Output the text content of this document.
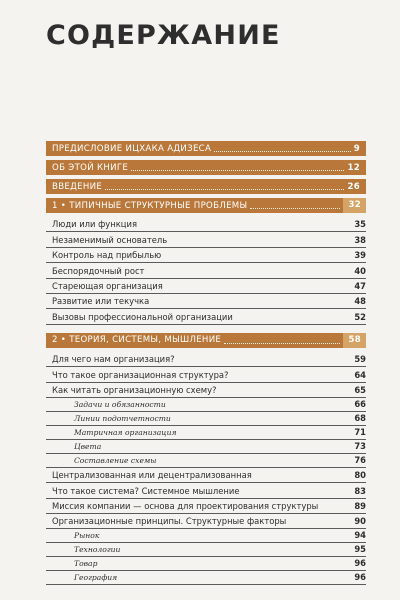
СОДЕРЖАНИЕ
ПРЕДИСЛОВИЕ ИЦХАКА АДИЗЕСА	9
ОБ ЭТОЙ КНИГЕ	12
ВВЕДЕНИЕ	26
1 • ТИПИЧНЫЕ СТРУКТУРНЫЕ ПРОБЛЕМЫ	32
Люди или функция	35
Незаменимый основатель	38
Контроль над прибылью	39
Беспорядочный рост	40
Стареющая организация	47
Развитие или текучка	48
Вызовы профессиональной организации	52
2 • ТЕОРИЯ, СИСТЕМЫ, МЫШЛЕНИЕ	58
Для чего нам организация?	59
Что такое организационная структура?	64
Как читать организационную схему?	65
Задачи и обязанности	66
Линии подотчетности	68
Матричная организация	71
Цвета	73
Составление схемы	76
Централизованная или децентрализованная	80
Что такое система? Системное мышление	83
Миссия компании — основа для проектирования структуры	89
Организационные принципы. Структурные факторы	90
Рынок	94
Технологии	95
Товар	96
География	96
